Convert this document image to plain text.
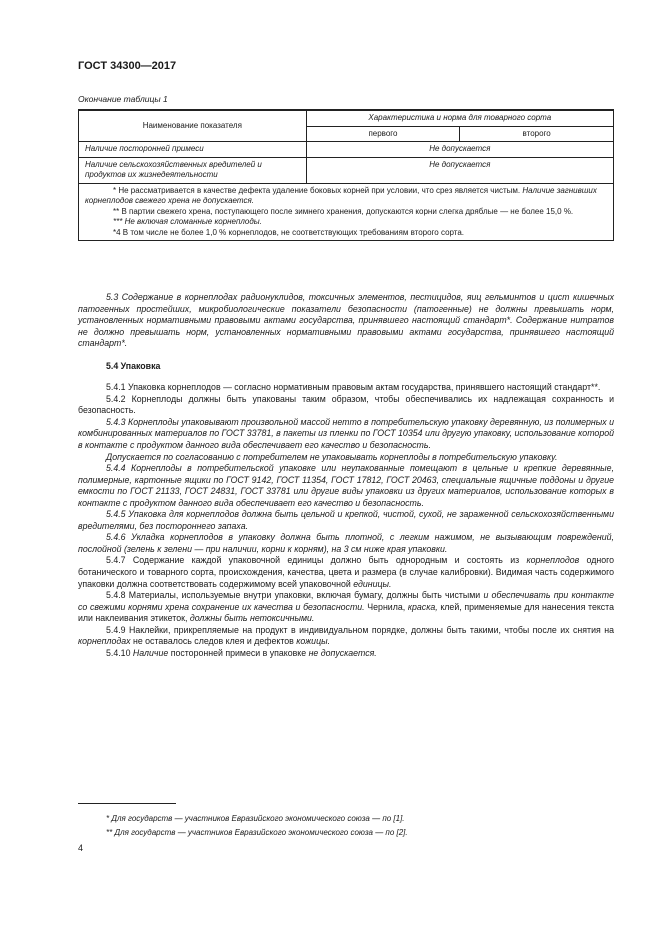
ГОСТ 34300—2017
Окончание таблицы 1
Наименование показателя	Характеристика и норма для товарного сорта	
	первого	второго
Наличие посторонней примеси	Не допускается	
Наличие сельскохозяйственных вредителей и продуктов их жизнедеятельности	Не допускается	

* Не рассматривается в качестве дефекта удаление боковых корней при условии, что срез является чистым. Наличие загнивших корнеплодов свежего хрена не допускается.

** В партии свежего хрена, поступающего после зимнего хранения, допускаются корни слегка дряблые — не более 15,0 %.

*** Не включая сломанные корнеплоды.

*4 В том числе не более 1,0 % корнеплодов, не соответствующих требованиям второго сорта.		

5.3 Содержание в корнеплодах радионуклидов, токсичных элементов, пестицидов, яиц гельминтов и цист кишечных патогенных простейших, микробиологические показатели безопасности (патогенные) не должны превышать норм, установленных нормативными правовыми актами государства, принявшего настоящий стандарт*. Содержание нитратов не должно превышать норм, установленных нормативными правовыми актами государства, принявшего настоящий стандарт*.

5.4 Упаковка

5.4.1 Упаковка корнеплодов — согласно нормативным правовым актам государства, принявшего настоящий стандарт**.

5.4.2 Корнеплоды должны быть упакованы таким образом, чтобы обеспечивались их надлежащая сохранность и безопасность.

5.4.3 Корнеплоды упаковывают произвольной массой нетто в потребительскую упаковку деревянную, из полимерных и комбинированных материалов по ГОСТ 33781, в пакеты из пленки по ГОСТ 10354 или другую упаковку, использование которой в контакте с продуктом данного вида обеспечивает его качество и безопасность.

Допускается по согласованию с потребителем не упаковывать корнеплоды в потребительскую упаковку.

5.4.4 Корнеплоды в потребительской упаковке или неупакованные помещают в цельные и крепкие деревянные, полимерные, картонные ящики по ГОСТ 9142, ГОСТ 11354, ГОСТ 17812, ГОСТ 20463, специальные ящичные поддоны и другие емкости по ГОСТ 21133, ГОСТ 24831, ГОСТ 33781 или другие виды упаковки из других материалов, использование которых в контакте с продуктом данного вида обеспечивает его качество и безопасность.

5.4.5 Упаковка для корнеплодов должна быть цельной и крепкой, чистой, сухой, не зараженной сельскохозяйственными вредителями, без постороннего запаха.

5.4.6 Укладка корнеплодов в упаковку должна быть плотной, с легким нажимом, не вызывающим повреждений, послойной (зелень к зелени — при наличии, корни к корням), на 3 см ниже края упаковки.

5.4.7 Содержание каждой упаковочной единицы должно быть однородным и состоять из корнеплодов одного ботанического и товарного сорта, происхождения, качества, цвета и размера (в случае калибровки). Видимая часть содержимого упаковки должна соответствовать содержимому всей упаковочной единицы.

5.4.8 Материалы, используемые внутри упаковки, включая бумагу, должны быть чистыми и обеспечивать при контакте со свежими корнями хрена сохранение их качества и безопасности. Чернила, краска, клей, применяемые для нанесения текста или наклеивания этикеток, должны быть нетоксичными.

5.4.9 Наклейки, прикрепляемые на продукт в индивидуальном порядке, должны быть такими, чтобы после их снятия на корнеплодах не оставалось следов клея и дефектов кожицы.

5.4.10 Наличие посторонней примеси в упаковке не допускается.

* Для государств — участников Евразийского экономического союза — по [1].

** Для государств — участников Евразийского экономического союза — по [2].

4
